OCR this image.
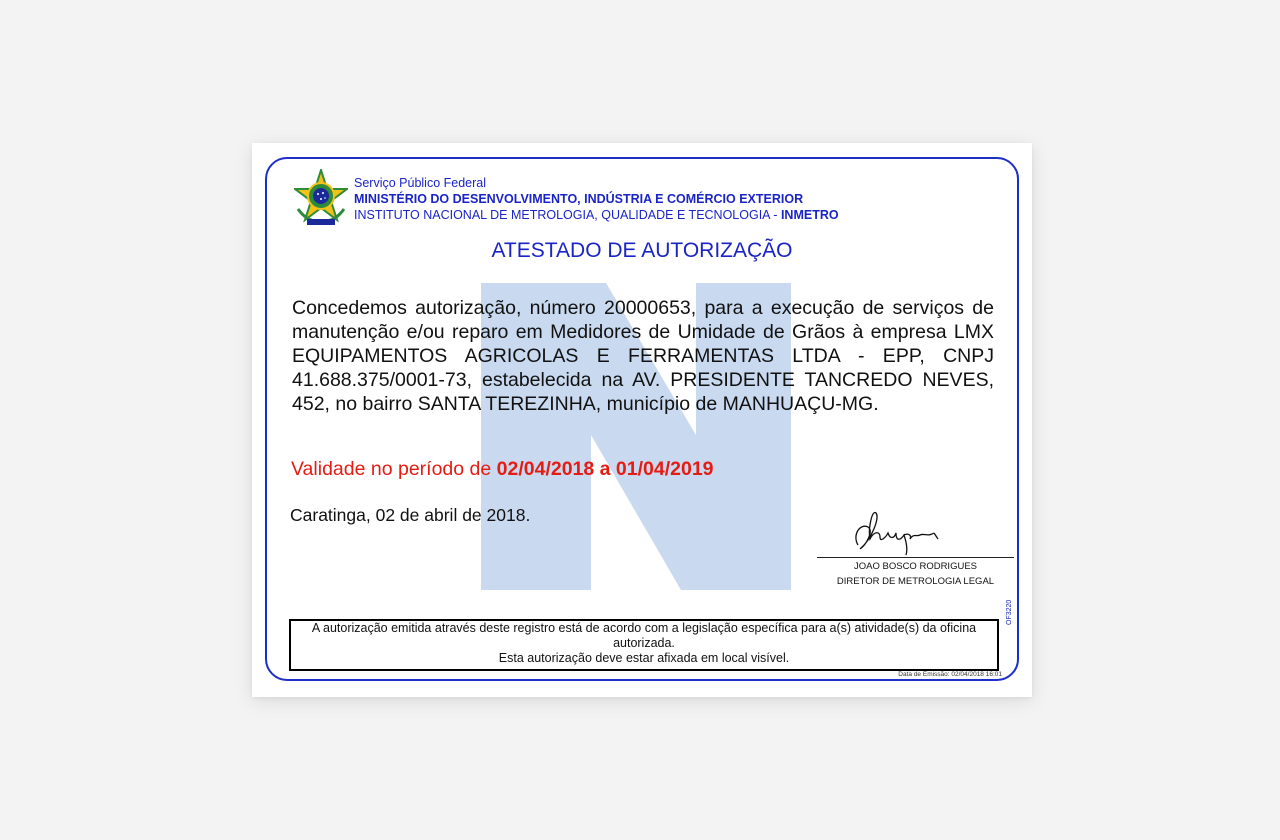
Serviço Público Federal
MINISTÉRIO DO DESENVOLVIMENTO, INDÚSTRIA E COMÉRCIO EXTERIOR
INSTITUTO NACIONAL DE METROLOGIA, QUALIDADE E TECNOLOGIA - INMETRO
ATESTADO DE AUTORIZAÇÃO
Concedemos autorização, número 20000653, para a execução de serviços de manutenção e/ou reparo em Medidores de Umidade de Grãos à empresa LMX EQUIPAMENTOS AGRICOLAS E FERRAMENTAS LTDA - EPP, CNPJ 41.688.375/0001-73, estabelecida na AV. PRESIDENTE TANCREDO NEVES, 452, no bairro SANTA TEREZINHA, município de MANHUAÇU-MG.
Validade no período de 02/04/2018 a 01/04/2019
Caratinga, 02 de abril de 2018.
JOAO BOSCO RODRIGUES
DIRETOR DE METROLOGIA LEGAL
A autorização emitida através deste registro está de acordo com a legislação específica para a(s) atividade(s) da oficina
autorizada.
Esta autorização deve estar afixada em local visível.
OF3220
Data de Emissão: 02/04/2018 16:01
